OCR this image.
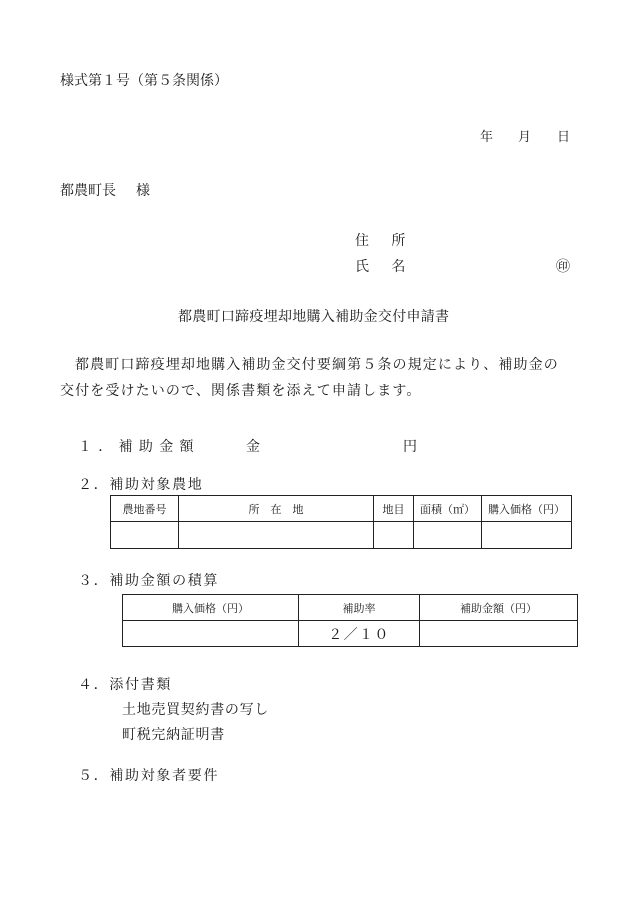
様式第１号（第５条関係）
年 月 日
都農町長 様
住　所
氏　名	㊞
都農町口蹄疫埋却地購入補助金交付申請書
都農町口蹄疫埋却地購入補助金交付要綱第５条の規定により、補助金の
交付を受けたいので、関係書類を添えて申請します。
１．補助金額	金	円
２．補助対象農地
農地番号	所　在　地	地目	面積（㎡）	購入価格（円）

３．補助金額の積算
購入価格（円）	補助率	補助金額（円）
	２／１０	
４．添付書類
土地売買契約書の写し
町税完納証明書
５．補助対象者要件
